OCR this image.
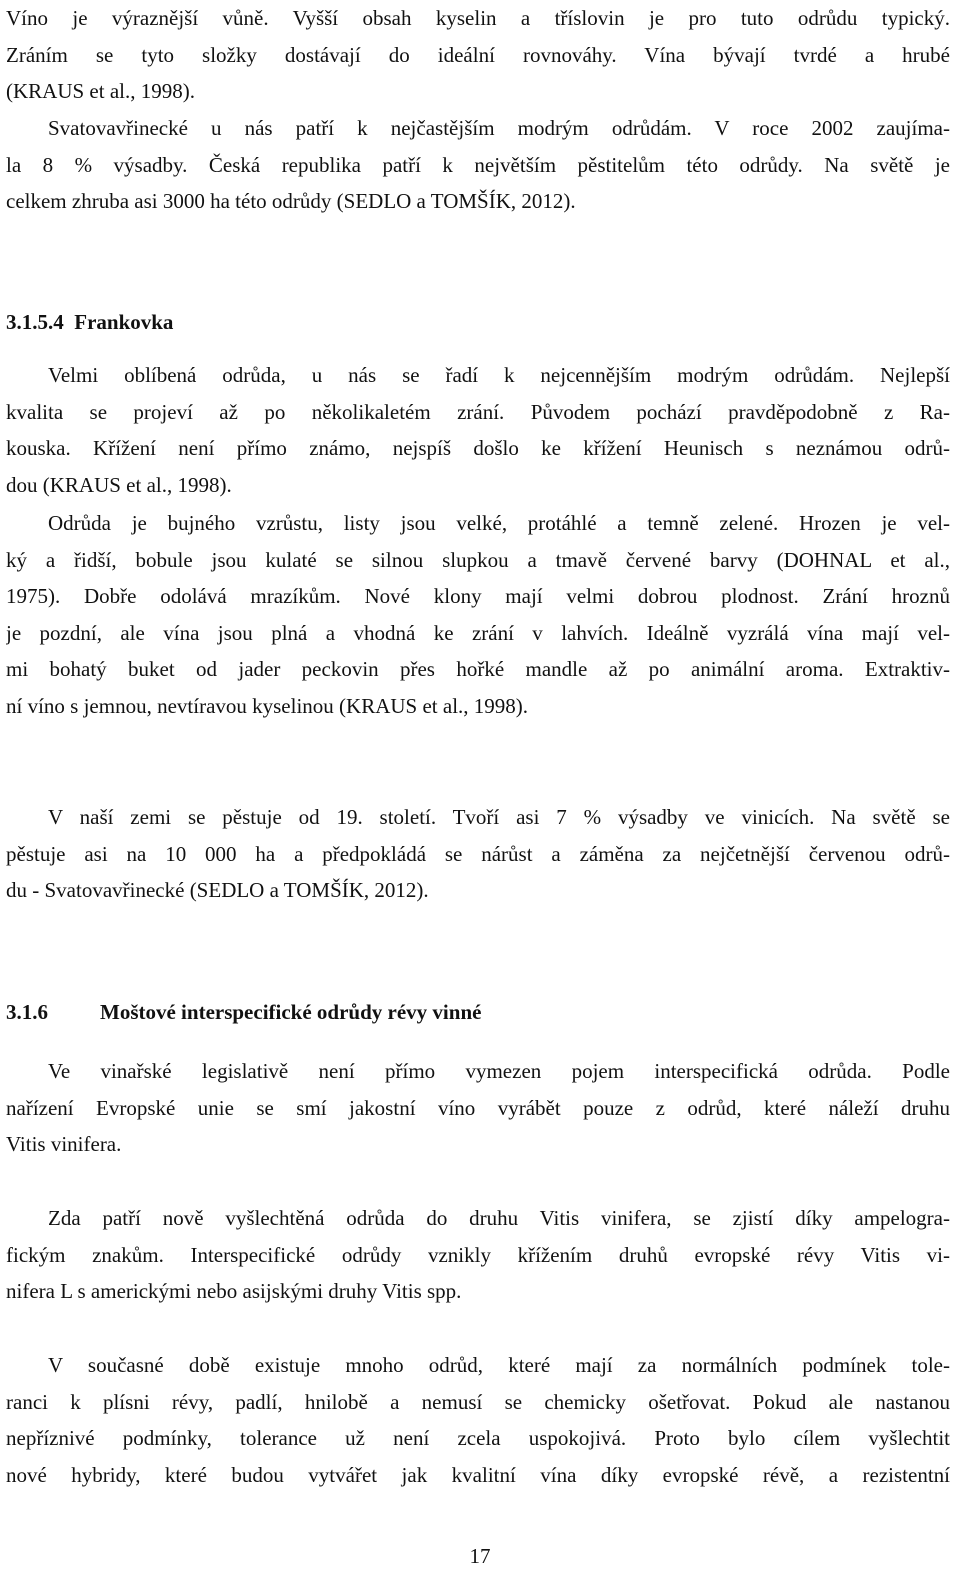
Víno je výraznější vůně. Vyšší obsah kyselin a tříslovin je pro tuto odrůdu typický.
Zráním se tyto složky dostávají do ideální rovnováhy. Vína bývají tvrdé a hrubé
(KRAUS et al., 1998).
Svatovavřinecké u nás patří k nejčastějším modrým odrůdám. V roce 2002 zaujíma-
la 8 % výsadby. Česká republika patří k největším pěstitelům této odrůdy. Na světě je
celkem zhruba asi 3000 ha této odrůdy (SEDLO a TOMŠÍK, 2012).
3.1.5.4 Frankovka
Velmi oblíbená odrůda, u nás se řadí k nejcennějším modrým odrůdám. Nejlepší
kvalita se projeví až po několikaletém zrání. Původem pochází pravděpodobně z Ra-
kouska. Křížení není přímo známo, nejspíš došlo ke křížení Heunisch s neznámou odrů-
dou (KRAUS et al., 1998).
Odrůda je bujného vzrůstu, listy jsou velké, protáhlé a temně zelené. Hrozen je vel-
ký a řidší, bobule jsou kulaté se silnou slupkou a tmavě červené barvy (DOHNAL et al.,
1975). Dobře odolává mrazíkům. Nové klony mají velmi dobrou plodnost. Zrání hroznů
je pozdní, ale vína jsou plná a vhodná ke zrání v lahvích. Ideálně vyzrálá vína mají vel-
mi bohatý buket od jader peckovin přes hořké mandle až po animální aroma. Extraktiv-
ní víno s jemnou, nevtíravou kyselinou (KRAUS et al., 1998).
V naší zemi se pěstuje od 19. století. Tvoří asi 7 % výsadby ve vinicích. Na světě se
pěstuje asi na 10 000 ha a předpokládá se nárůst a záměna za nejčetnější červenou odrů-
du - Svatovavřinecké (SEDLO a TOMŠÍK, 2012).
3.1.6 Moštové interspecifické odrůdy révy vinné
Ve vinařské legislativě není přímo vymezen pojem interspecifická odrůda. Podle
nařízení Evropské unie se smí jakostní víno vyrábět pouze z odrůd, které náleží druhu
Vitis vinifera.
Zda patří nově vyšlechtěná odrůda do druhu Vitis vinifera, se zjistí díky ampelogra-
fickým znakům. Interspecifické odrůdy vznikly křížením druhů evropské révy Vitis vi-
nifera L s americkými nebo asijskými druhy Vitis spp.
V současné době existuje mnoho odrůd, které mají za normálních podmínek tole-
ranci k plísni révy, padlí, hnilobě a nemusí se chemicky ošetřovat. Pokud ale nastanou
nepříznivé podmínky, tolerance už není zcela uspokojivá. Proto bylo cílem vyšlechtit
nové hybridy, které budou vytvářet jak kvalitní vína díky evropské révě, a rezistentní
17
